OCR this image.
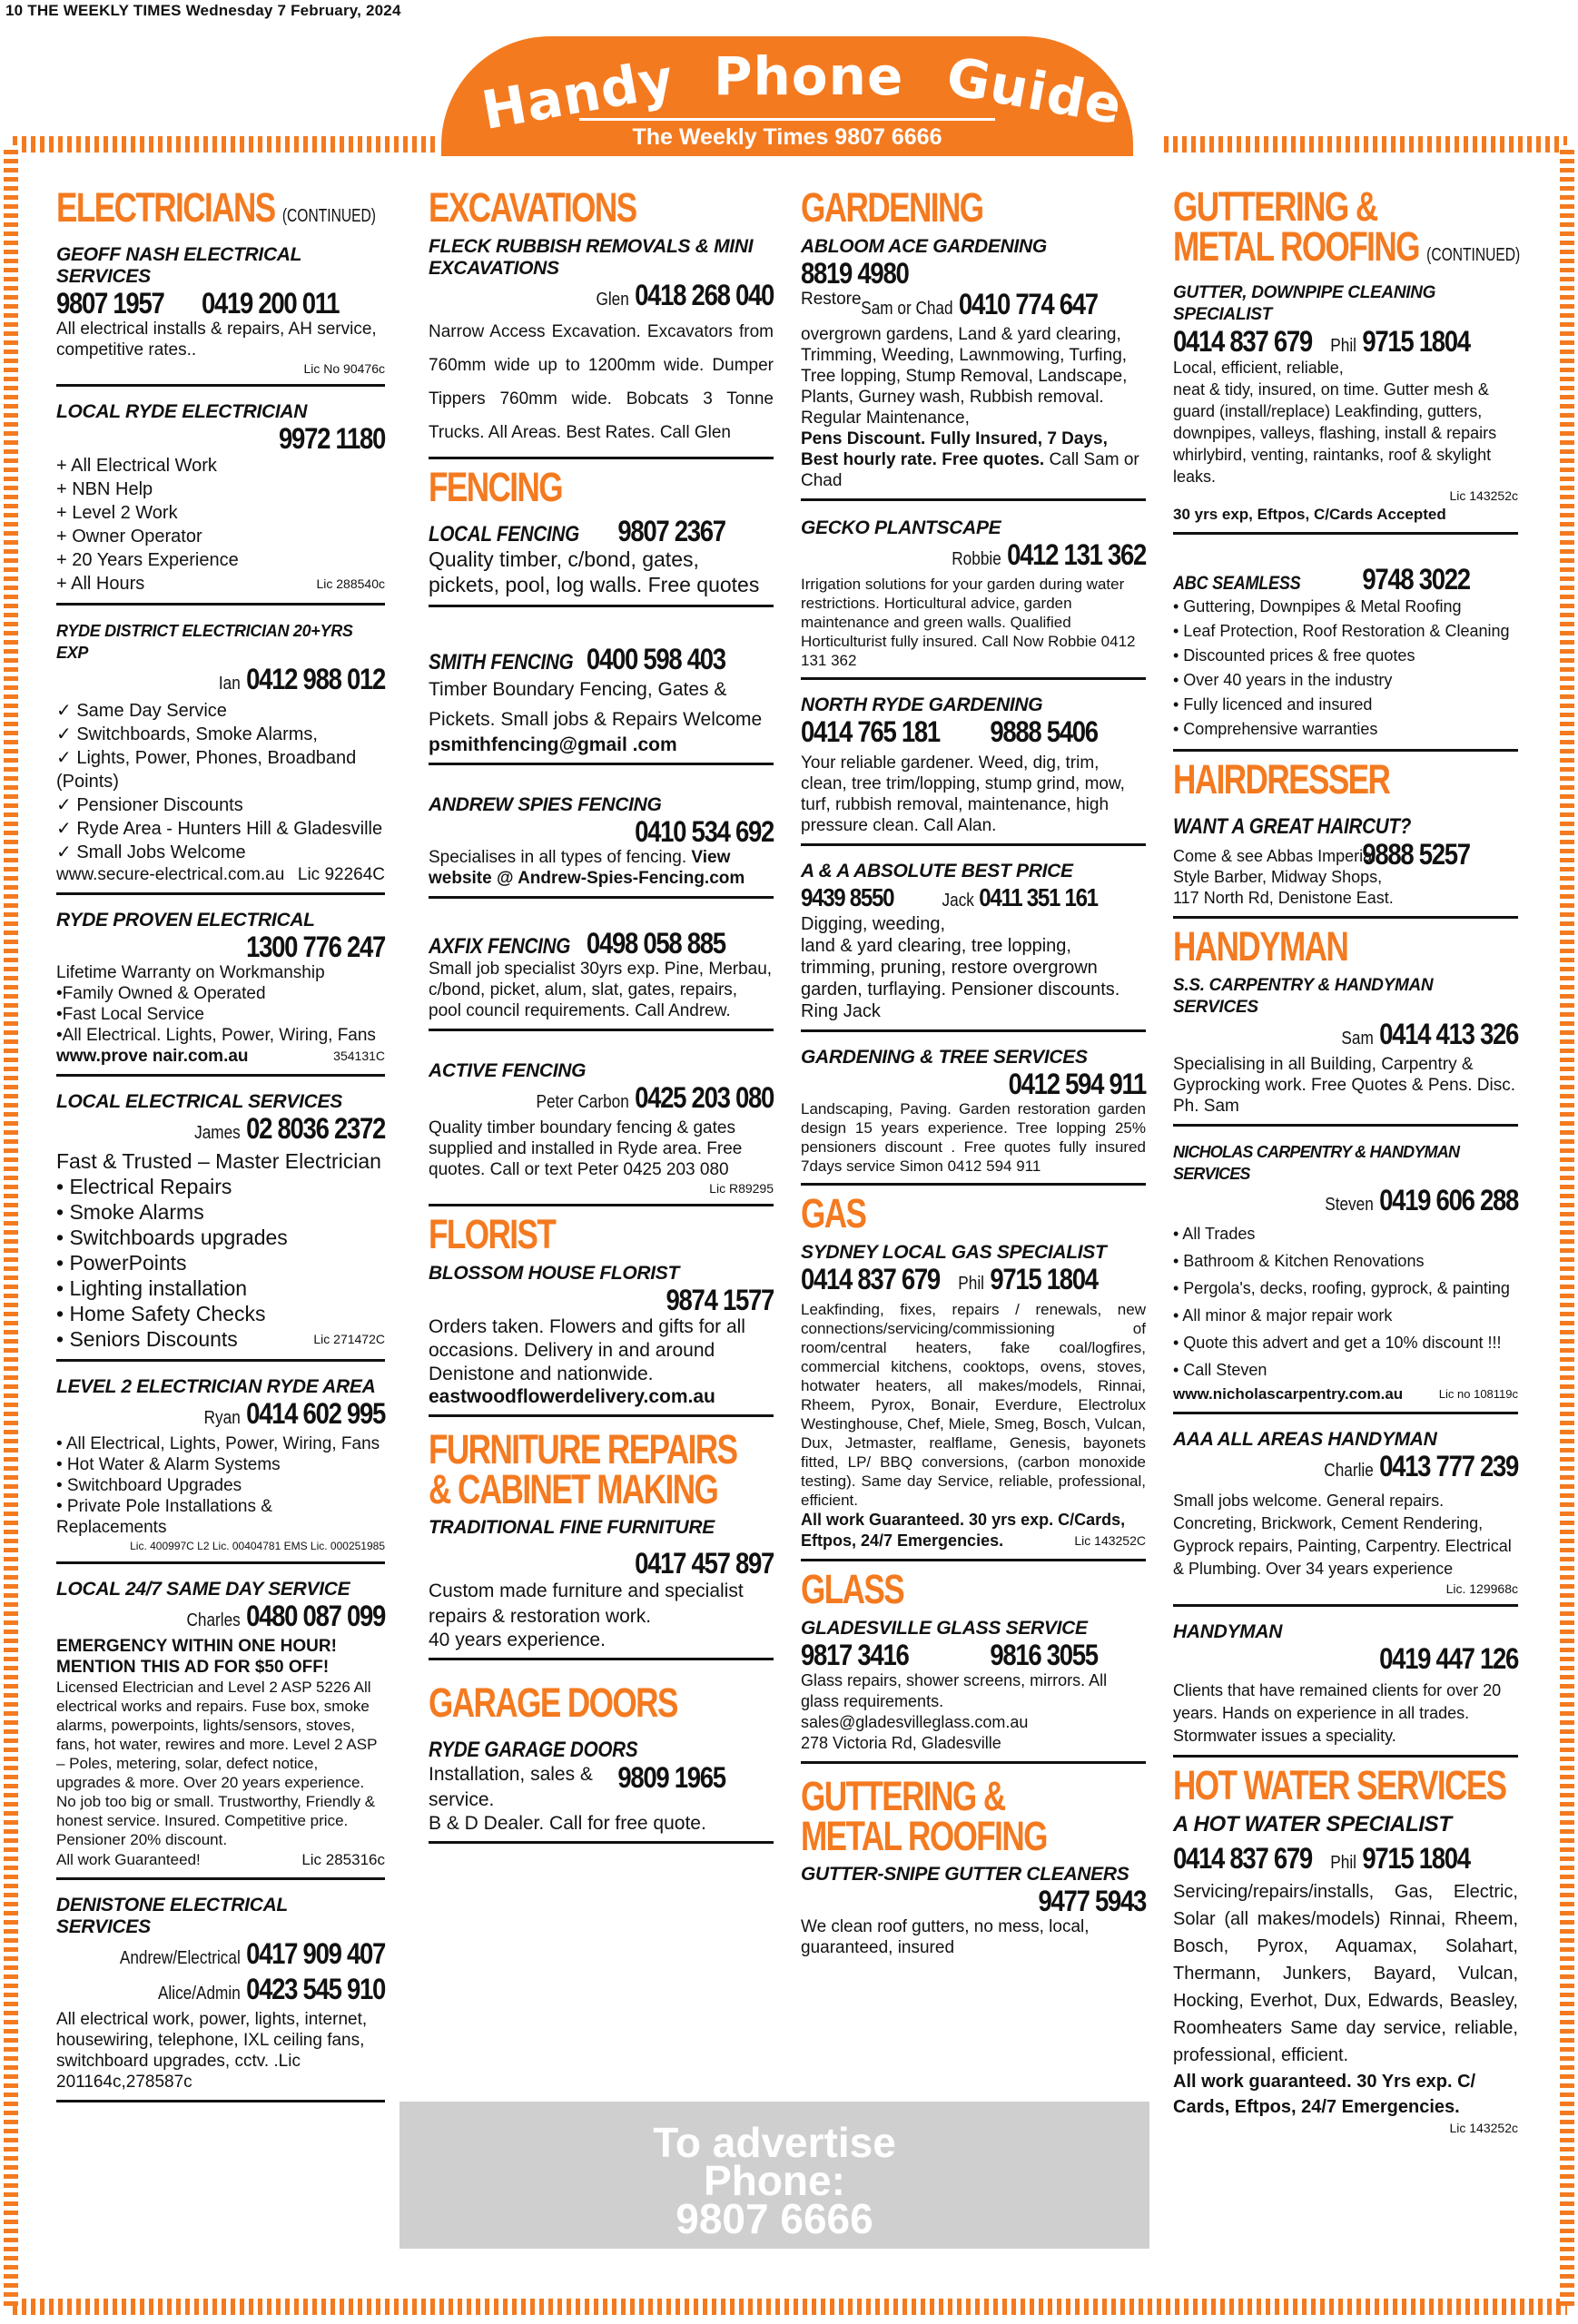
10 THE WEEKLY TIMES Wednesday 7 February, 2024
Handy Phone Guide
The Weekly Times 9807 6666
ELECTRICIANS (CONTINUED)
GEOFF NASH ELECTRICAL SERVICES
9807 1957 0419 200 011
All electrical installs & repairs, AH service, competitive rates..
Lic No 90476c
LOCAL RYDE ELECTRICIAN
9972 1180
+ All Electrical Work
+ NBN Help
+ Level 2 Work
+ Owner Operator
+ 20 Years Experience
+ All Hours	Lic 288540c
RYDE DISTRICT ELECTRICIAN 20+YRS EXP
Ian 0412 988 012
✓ Same Day Service
✓ Switchboards, Smoke Alarms,
✓ Lights, Power, Phones, Broadband (Points)
✓ Pensioner Discounts
✓ Ryde Area - Hunters Hill & Gladesville
✓ Small Jobs Welcome
www.secure-electrical.com.au Lic 92264C
RYDE PROVEN ELECTRICAL
1300 776 247
Lifetime Warranty on Workmanship
•Family Owned & Operated
•Fast Local Service
•All Electrical. Lights, Power, Wiring, Fans
www.prove nair.com.au	354131C
LOCAL ELECTRICAL SERVICES
James 02 8036 2372
Fast & Trusted – Master Electrician
• Electrical Repairs
• Smoke Alarms
• Switchboards upgrades
• PowerPoints
• Lighting installation
• Home Safety Checks
• Seniors Discounts	Lic 271472C
LEVEL 2 ELECTRICIAN RYDE AREA
Ryan 0414 602 995
• All Electrical, Lights, Power, Wiring, Fans
• Hot Water & Alarm Systems
• Switchboard Upgrades
• Private Pole Installations & Replacements
Lic. 400997C L2 Lic. 00404781 EMS Lic. 000251985
LOCAL 24/7 SAME DAY SERVICE
Charles 0480 087 099
EMERGENCY WITHIN ONE HOUR!
MENTION THIS AD FOR $50 OFF!
Licensed Electrician and Level 2 ASP 5226 All electrical works and repairs. Fuse box, smoke alarms, powerpoints, lights/sensors, stoves, fans, hot water, rewires and more. Level 2 ASP – Poles, metering, solar, defect notice, upgrades & more. Over 20 years experience. No job too big or small. Trustworthy, Friendly & honest service. Insured. Competitive price. Pensioner 20% discount.
All work Guaranteed!	Lic 285316c
DENISTONE ELECTRICAL SERVICES
Andrew/Electrical 0417 909 407
Alice/Admin 0423 545 910
All electrical work, power, lights, internet, housewiring, telephone, IXL ceiling fans, switchboard upgrades, cctv. .Lic 201164c,278587c
EXCAVATIONS
FLECK RUBBISH REMOVALS & MINI EXCAVATIONS
Glen 0418 268 040
Narrow Access Excavation. Excavators from 760mm wide up to 1200mm wide. Dumper Tippers 760mm wide. Bobcats 3 Tonne Trucks. All Areas. Best Rates. Call Glen
FENCING
LOCAL FENCING 9807 2367
Quality timber, c/bond, gates, pickets, pool, log walls. Free quotes
SMITH FENCING 0400 598 403
Timber Boundary Fencing, Gates & Pickets. Small jobs & Repairs Welcome
psmithfencing@gmail .com
ANDREW SPIES FENCING
0410 534 692
Specialises in all types of fencing. View website @ Andrew-Spies-Fencing.com
AXFIX FENCING 0498 058 885
Small job specialist 30yrs exp. Pine, Merbau, c/bond, picket, alum, slat, gates, repairs, pool council requirements. Call Andrew.
ACTIVE FENCING
Peter Carbon 0425 203 080
Quality timber boundary fencing & gates supplied and installed in Ryde area. Free quotes. Call or text Peter 0425 203 080
Lic R89295
FLORIST
BLOSSOM HOUSE FLORIST
9874 1577
Orders taken. Flowers and gifts for all occasions. Delivery in and around Denistone and nationwide.
eastwoodflowerdelivery.com.au
FURNITURE REPAIRS
& CABINET MAKING
TRADITIONAL FINE FURNITURE
0417 457 897
Custom made furniture and specialist repairs & restoration work.
40 years experience.
GARAGE DOORS
RYDE GARAGE DOORS
9809 1965
Installation, sales & service.
B & D Dealer. Call for free quote.
GARDENING
ABLOOM ACE GARDENING
8819 4980
Sam or Chad 0410 774 647
Restore overgrown gardens, Land & yard clearing, Trimming, Weeding, Lawnmowing, Turfing, Tree lopping, Stump Removal, Landscape, Plants, Gurney wash, Rubbish removal. Regular Maintenance,
Pens Discount. Fully Insured, 7 Days, Best hourly rate. Free quotes. Call Sam or Chad
GECKO PLANTSCAPE
Robbie 0412 131 362
Irrigation solutions for your garden during water restrictions. Horticultural advice, garden maintenance and green walls. Qualified Horticulturist fully insured. Call Now Robbie 0412 131 362
NORTH RYDE GARDENING
0414 765 181 9888 5406
Your reliable gardener. Weed, dig, trim, clean, tree trim/lopping, stump grind, mow, turf, rubbish removal, maintenance, high pressure clean. Call Alan.
A & A ABSOLUTE BEST PRICE
9439 8550	Jack 0411 351 161
Digging, weeding, land & yard clearing, tree lopping, trimming, pruning, restore overgrown garden, turflaying. Pensioner discounts. Ring Jack
GARDENING & TREE SERVICES
0412 594 911
Landscaping, Paving. Garden restoration garden design 15 years experience. Tree lopping 25% pensioners discount . Free quotes fully insured 7days service Simon 0412 594 911
GAS
SYDNEY LOCAL GAS SPECIALIST
0414 837 679 Phil 9715 1804
Leakfinding, fixes, repairs / renewals, new connections/servicing/commissioning of room/central heaters, fake coal/logfires, commercial kitchens, cooktops, ovens, stoves, hotwater heaters, all makes/models, Rinnai, Rheem, Pyrox, Bonair, Everdure, Electrolux Westinghouse, Chef, Miele, Smeg, Bosch, Vulcan, Dux, Jetmaster, realflame, Genesis, bayonets fitted, LP/ BBQ conversions, (carbon monoxide testing). Same day Service, reliable, professional, efficient.
All work Guaranteed. 30 yrs exp. C/Cards, Eftpos, 24/7 Emergencies.	Lic 143252C
GLASS
GLADESVILLE GLASS SERVICE
9817 3416	9816 3055
Glass repairs, shower screens, mirrors. All glass requirements. sales@gladesvilleglass.com.au
278 Victoria Rd, Gladesville
GUTTERING &
METAL ROOFING
GUTTER-SNIPE GUTTER CLEANERS
9477 5943
We clean roof gutters, no mess, local, guaranteed, insured
GUTTERING &
METAL ROOFING (CONTINUED)
GUTTER, DOWNPIPE CLEANING SPECIALIST
0414 837 679 Phil 9715 1804
Local, efficient, reliable, neat & tidy, insured, on time. Gutter mesh & guard (install/replace) Leakfinding, gutters, downpipes, valleys, flashing, install & repairs whirlybird, venting, raintanks, roof & skylight leaks.
Lic 143252c
30 yrs exp, Eftpos, C/Cards Accepted
ABC SEAMLESS 9748 3022
• Guttering, Downpipes & Metal Roofing
• Leaf Protection, Roof Restoration & Cleaning
• Discounted prices & free quotes
• Over 40 years in the industry
• Fully licenced and insured
• Comprehensive warranties
HAIRDRESSER
WANT A GREAT HAIRCUT?
9888 5257
Come & see Abbas Imperial Style Barber, Midway Shops, 117 North Rd, Denistone East.
HANDYMAN
S.S. CARPENTRY & HANDYMAN SERVICES
Sam 0414 413 326
Specialising in all Building, Carpentry & Gyprocking work. Free Quotes & Pens. Disc. Ph. Sam
NICHOLAS CARPENTRY & HANDYMAN SERVICES
Steven 0419 606 288
• All Trades
• Bathroom & Kitchen Renovations
• Pergola's, decks, roofing, gyprock, & painting
• All minor & major repair work
• Quote this advert and get a 10% discount !!!
• Call Steven
www.nicholascarpentry.com.au	Lic no 108119c
AAA ALL AREAS HANDYMAN
Charlie 0413 777 239
Small jobs welcome. General repairs. Concreting, Brickwork, Cement Rendering, Gyprock repairs, Painting, Carpentry. Electrical & Plumbing. Over 34 years experience
Lic. 129968c
HANDYMAN
0419 447 126
Clients that have remained clients for over 20 years. Hands on experience in all trades. Stormwater issues a speciality.
HOT WATER SERVICES
A HOT WATER SPECIALIST
0414 837 679 Phil 9715 1804
Servicing/repairs/installs, Gas, Electric, Solar (all makes/models) Rinnai, Rheem, Bosch, Pyrox, Aquamax, Solahart, Thermann, Junkers, Bayard, Vulcan, Hocking, Everhot, Dux, Edwards, Beasley, Roomheaters Same day service, reliable, professional, efficient.
All work guaranteed. 30 Yrs exp. C/ Cards, Eftpos, 24/7 Emergencies.
Lic 143252c
To advertise
Phone:
9807 6666
